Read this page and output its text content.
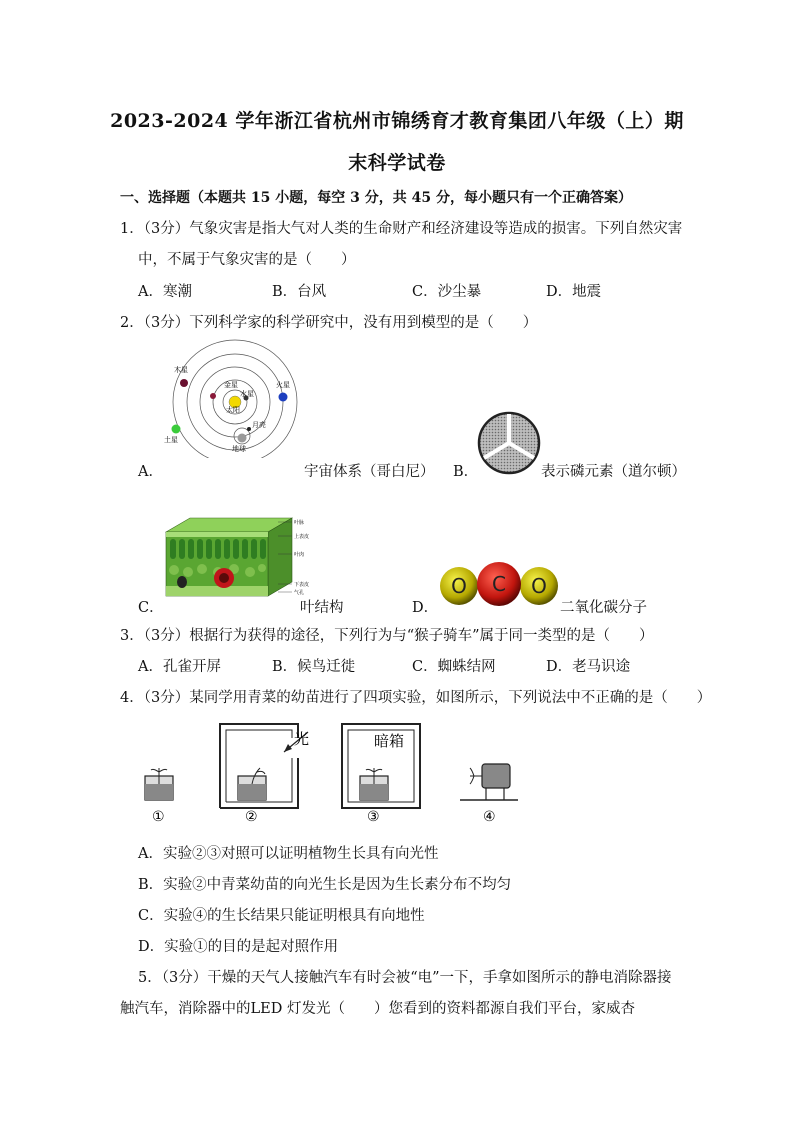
2023-2024 学年浙江省杭州市锦绣育才教育集团八年级（上）期
末科学试卷
一、选择题（本题共 15 小题，每空 3 分，共 45 分，每小题只有一个正确答案）
1．（3分）气象灾害是指大气对人类的生命财产和经济建设等造成的损害。下列自然灾害
中，不属于气象灾害的是（　　）
A．寒潮	B．台风	C．沙尘暴	D．地震
2．（3分）下列科学家的科学研究中，没有用到模型的是（　　）
木星
金星
水星
火星
太阳
月亮
地球
土星
A．	宇宙体系（哥白尼） B．	表示磷元素（道尔顿）
叶脉
上表皮
叶肉
下表皮
气孔
C．	叶结构
O C O
D．	二氧化碳分子
3．（3分）根据行为获得的途径，下列行为与“猴子骑车”属于同一类型的是（　　）
A．孔雀开屏	B．候鸟迁徙	C．蜘蛛结网	D．老马识途
4．（3分）某同学用青菜的幼苗进行了四项实验，如图所示，下列说法中不正确的是（　　）
光	暗箱
①	②	③	④
A．实验②③对照可以证明植物生长具有向光性
B．实验②中青菜幼苗的向光生长是因为生长素分布不均匀
C．实验④的生长结果只能证明根具有向地性
D．实验①的目的是起对照作用
5．（3分）干燥的天气人接触汽车有时会被“电”一下，手拿如图所示的静电消除器接
触汽车，消除器中的LED 灯发光（　　）您看到的资料都源自我们平台，家威杏
